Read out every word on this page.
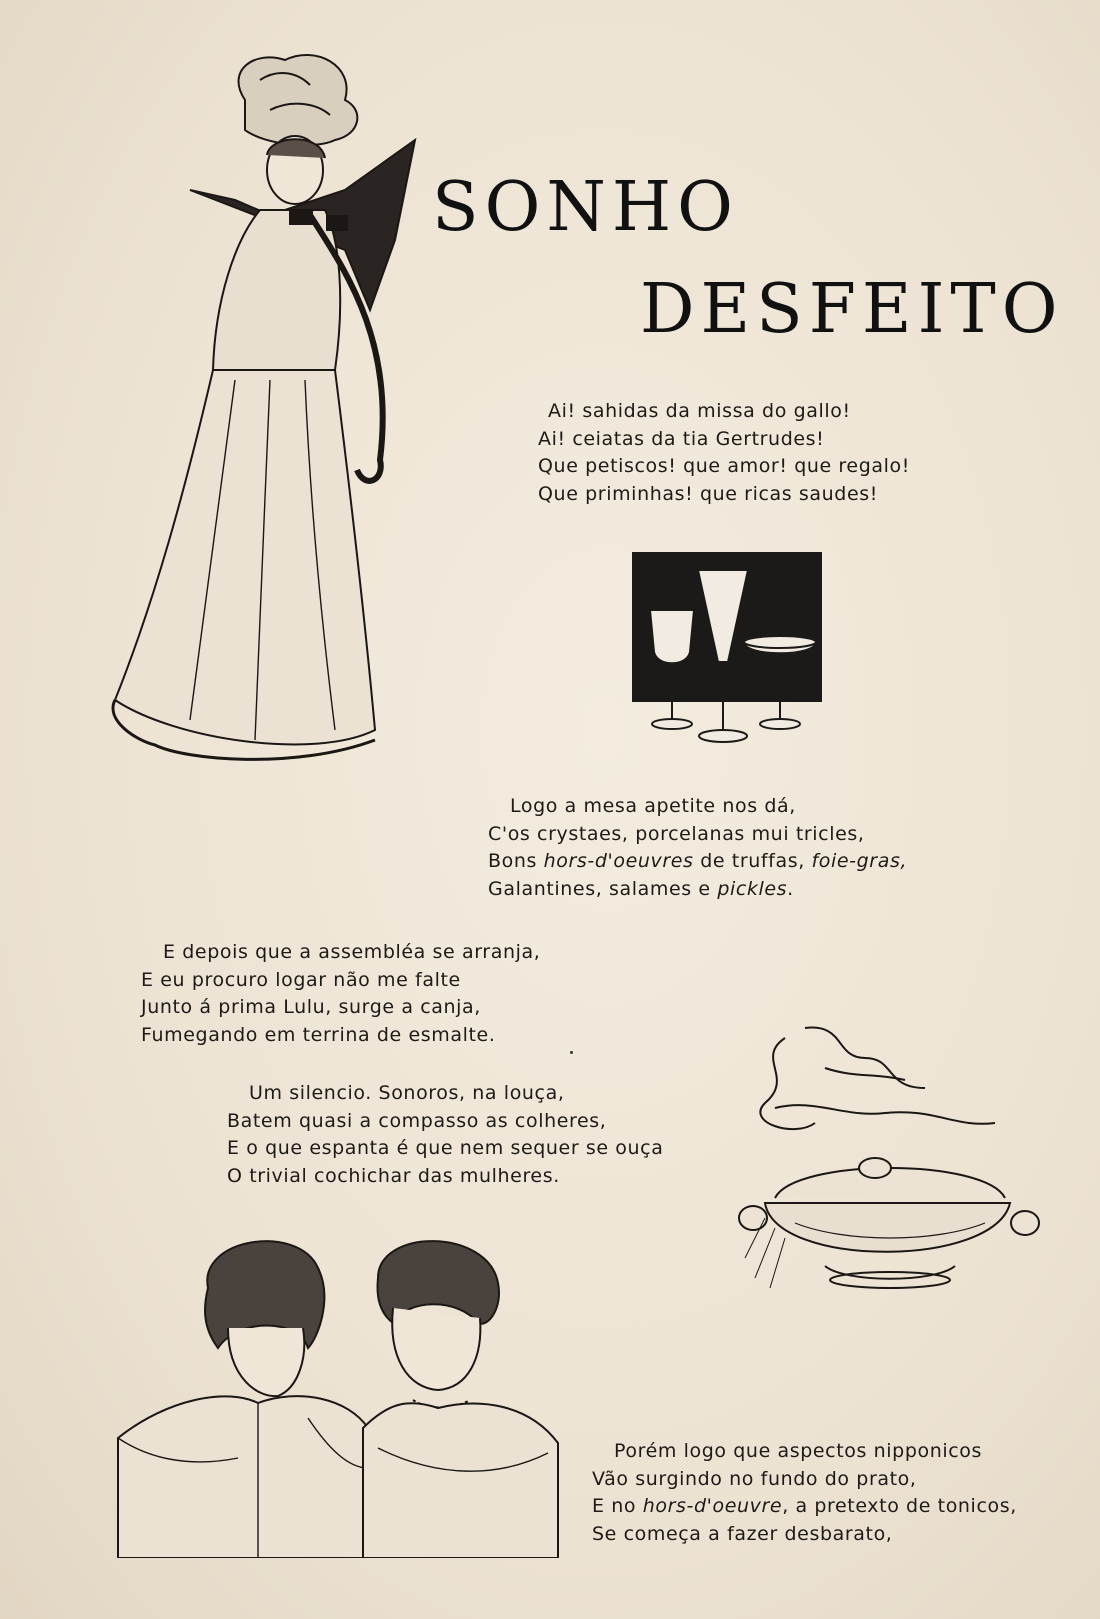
SONHO
DESFEITO
Ai! sahidas da missa do gallo!
Ai! ceiatas da tia Gertrudes!
Que petiscos! que amor! que regalo!
Que priminhas! que ricas saudes!
Logo a mesa apetite nos dá,
C'os crystaes, porcelanas mui tricles,
Bons hors-d'oeuvres de truffas, foie-gras,
Galantines, salames e pickles.
E depois que a assembléa se arranja,
E eu procuro logar não me falte
Junto á prima Lulu, surge a canja,
Fumegando em terrina de esmalte.
Um silencio. Sonoros, na louça,
Batem quasi a compasso as colheres,
E o que espanta é que nem sequer se ouça
O trivial cochichar das mulheres.
Porém logo que aspectos nipponicos
Vão surgindo no fundo do prato,
E no hors-d'oeuvre, a pretexto de tonicos,
Se começa a fazer desbarato,
